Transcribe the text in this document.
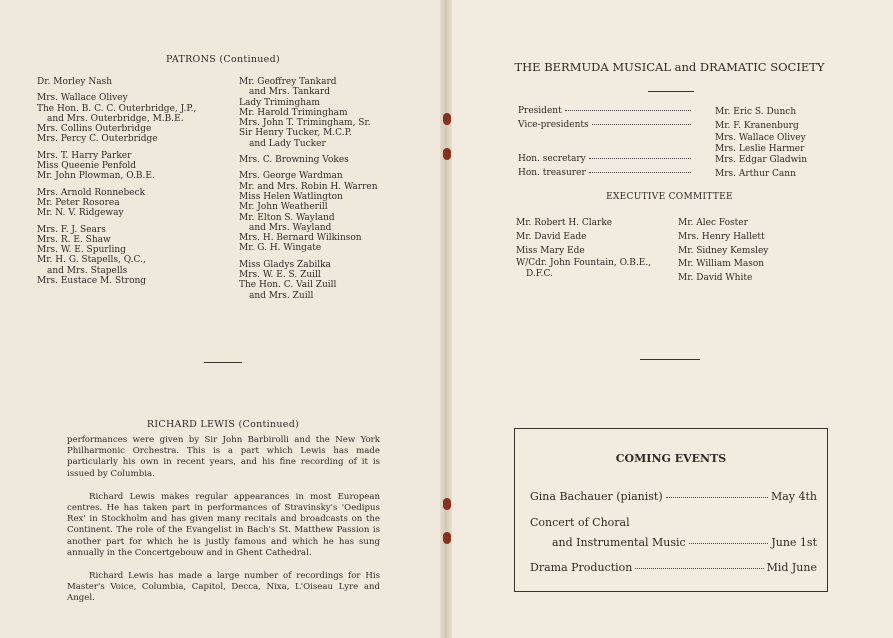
PATRONS (Continued)
Dr. Morley Nash
Mrs. Wallace Olivey
The Hon. B. C. C. Outerbridge, J.P.,
and Mrs. Outerbridge, M.B.E.
Mrs. Collins Outerbridge
Mrs. Percy C. Outerbridge
Mrs. T. Harry Parker
Miss Queenie Penfold
Mr. John Plowman, O.B.E.
Mrs. Arnold Ronnebeck
Mr. Peter Rosorea
Mr. N. V. Ridgeway
Mrs. F. J. Sears
Mrs. R. E. Shaw
Mrs. W. E. Spurling
Mr. H. G. Stapells, Q.C.,
and Mrs. Stapells
Mrs. Eustace M. Strong
Mr. Geoffrey Tankard
and Mrs. Tankard
Lady Trimingham
Mr. Harold Trimingham
Mrs. John T. Trimingham, Sr.
Sir Henry Tucker, M.C.P.
and Lady Tucker
Mrs. C. Browning Vokes
Mrs. George Wardman
Mr. and Mrs. Robin H. Warren
Miss Helen Watlington
Mr. John Weatherill
Mr. Elton S. Wayland
and Mrs. Wayland
Mrs. H. Bernard Wilkinson
Mr. G. H. Wingate
Miss Gladys Zabilka
Mrs. W. E. S. Zuill
The Hon. C. Vail Zuill
and Mrs. Zuill
RICHARD LEWIS (Continued)

performances were given by Sir John Barbirolli and the New York Philharmonic Orchestra. This is a part which Lewis has made particularly his own in recent years, and his fine recording of it is issued by Columbia.

Richard Lewis makes regular appearances in most European centres. He has taken part in performances of Stravinsky's 'Oedipus Rex' in Stockholm and has given many recitals and broadcasts on the Continent. The role of the Evangelist in Bach's St. Matthew Passion is another part for which he is justly famous and which he has sung annually in the Concertgebouw and in Ghent Cathedral.

Richard Lewis has made a large number of recordings for His Master's Voice, Columbia, Capitol, Decca, Nixa, L'Oiseau Lyre and Angel.

THE BERMUDA MUSICAL and DRAMATIC SOCIETY
President	Mr. Eric S. Dunch
Vice-presidents	Mr. F. Kranenburg
Mrs. Wallace Olivey
Mrs. Leslie Harmer
Hon. secretary	Mrs. Edgar Gladwin
Hon. treasurer	Mrs. Arthur Cann
EXECUTIVE COMMITTEE
Mr. Robert H. Clarke
Mr. David Eade
Miss Mary Ede
W/Cdr. John Fountain, O.B.E.,
D.F.C.
Mr. Alec Foster
Mrs. Henry Hallett
Mr. Sidney Kemsley
Mr. William Mason
Mr. David White
COMING EVENTS
Gina Bachauer (pianist)	May 4th
Concert of Choral
and Instrumental Music	June 1st
Drama Production	Mid June
